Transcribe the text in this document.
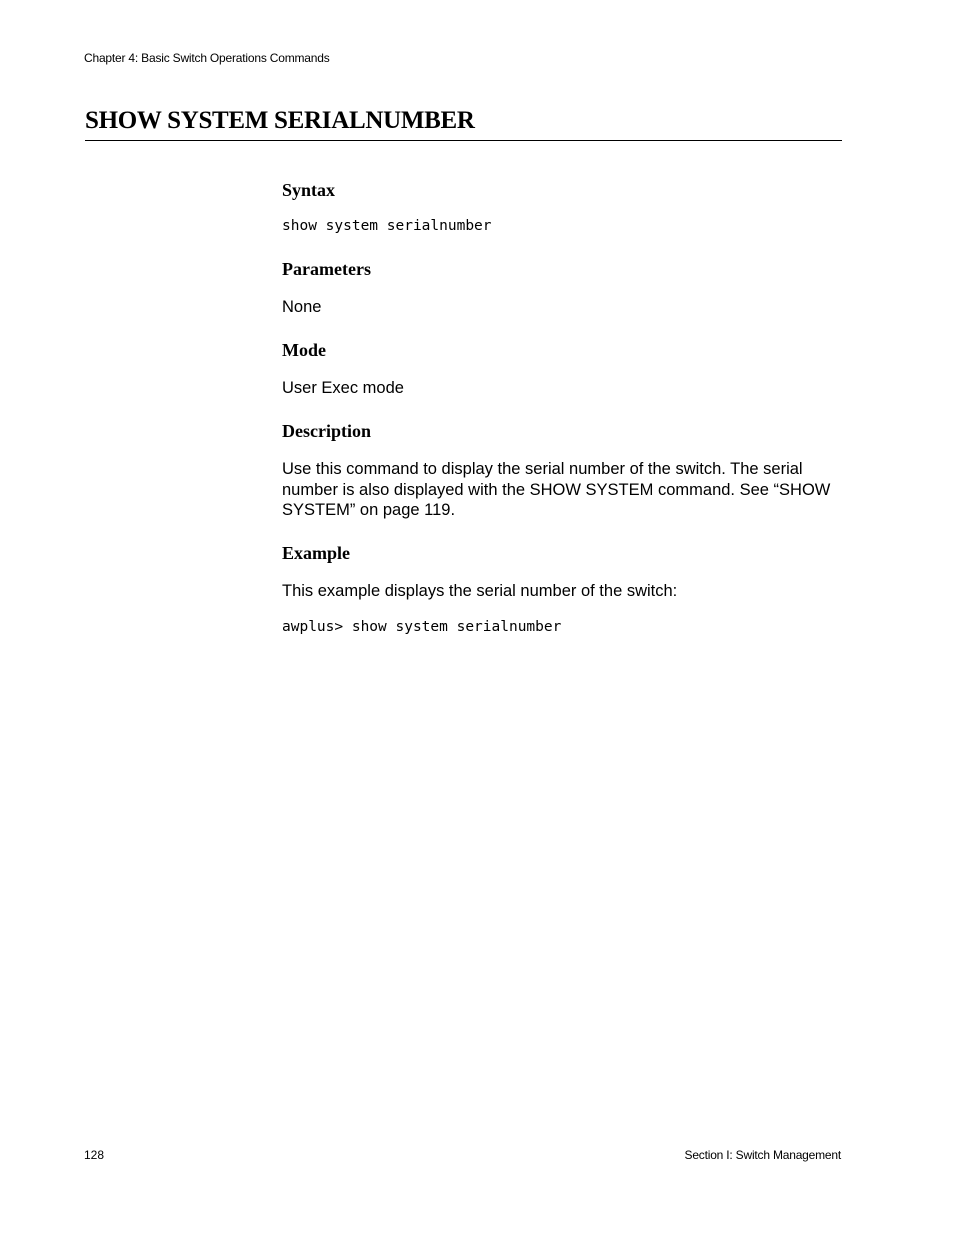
Chapter 4: Basic Switch Operations Commands
SHOW SYSTEM SERIALNUMBER
Syntax
show system serialnumber
Parameters

None

Mode

User Exec mode

Description

Use this command to display the serial number of the switch. The serial number is also displayed with the SHOW SYSTEM command. See “SHOW SYSTEM” on page 119.

Example

This example displays the serial number of the switch:

awplus> show system serialnumber
128	Section I: Switch Management
